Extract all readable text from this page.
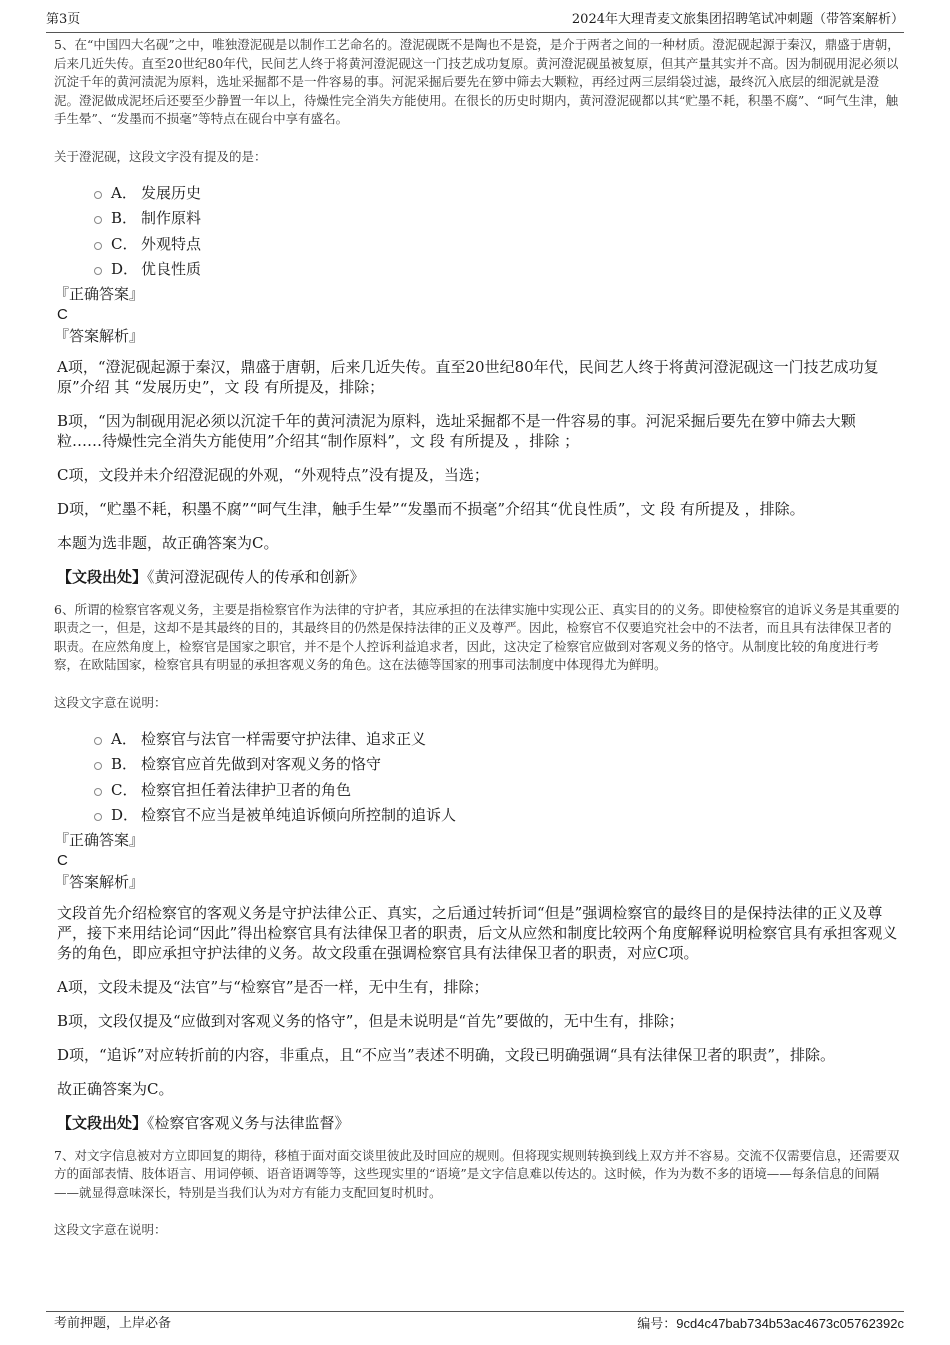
第3页	2024年大理青麦文旅集团招聘笔试冲刺题（带答案解析）

5、在“中国四大名砚”之中，唯独澄泥砚是以制作工艺命名的。澄泥砚既不是陶也不是瓷，是介于两者之间的一种材质。澄泥砚起源于秦汉，鼎盛于唐朝，后来几近失传。直至20世纪80年代，民间艺人终于将黄河澄泥砚这一门技艺成功复原。黄河澄泥砚虽被复原，但其产量其实并不高。因为制砚用泥必须以沉淀千年的黄河渍泥为原料，选址采掘都不是一件容易的事。河泥采掘后要先在箩中筛去大颗粒，再经过两三层绢袋过滤，最终沉入底层的细泥就是澄泥。澄泥做成泥坯后还要至少静置一年以上，待燥性完全消失方能使用。在很长的历史时期内，黄河澄泥砚都以其“贮墨不耗，积墨不腐”、“呵气生津，触手生晕”、“发墨而不损毫”等特点在砚台中享有盛名。

关于澄泥砚，这段文字没有提及的是：

A． 发展历史
B． 制作原料
C． 外观特点
D． 优良性质

『正确答案』

C

『答案解析』

A项，“澄泥砚起源于秦汉，鼎盛于唐朝，后来几近失传。直至20世纪80年代，民间艺人终于将黄河澄泥砚这一门技艺成功复原”介绍 其 “发展历史”，文 段 有所提及，排除；

B项，“因为制砚用泥必须以沉淀千年的黄河渍泥为原料，选址采掘都不是一件容易的事。河泥采掘后要先在箩中筛去大颗粒……待燥性完全消失方能使用”介绍其“制作原料”，文 段 有所提及 ，排除 ；

C项，文段并未介绍澄泥砚的外观，“外观特点”没有提及，当选；

D项，“贮墨不耗，积墨不腐”“呵气生津，触手生晕”“发墨而不损毫”介绍其“优良性质”，文 段 有所提及 ，排除。

本题为选非题，故正确答案为C。

【文段出处】《黄河澄泥砚传人的传承和创新》

6、所谓的检察官客观义务，主要是指检察官作为法律的守护者，其应承担的在法律实施中实现公正、真实目的的义务。即使检察官的追诉义务是其重要的职责之一，但是，这却不是其最终的目的，其最终目的仍然是保持法律的正义及尊严。因此，检察官不仅要追究社会中的不法者，而且具有法律保卫者的职责。在应然角度上，检察官是国家之职官，并不是个人控诉利益追求者，因此，这决定了检察官应做到对客观义务的恪守。从制度比较的角度进行考察，在欧陆国家，检察官具有明显的承担客观义务的角色。这在法德等国家的刑事司法制度中体现得尤为鲜明。

这段文字意在说明：

A． 检察官与法官一样需要守护法律、追求正义
B． 检察官应首先做到对客观义务的恪守
C． 检察官担任着法律护卫者的角色
D． 检察官不应当是被单纯追诉倾向所控制的追诉人

『正确答案』

C

『答案解析』

文段首先介绍检察官的客观义务是守护法律公正、真实，之后通过转折词“但是”强调检察官的最终目的是保持法律的正义及尊严，接下来用结论词“因此”得出检察官具有法律保卫者的职责，后文从应然和制度比较两个角度解释说明检察官具有承担客观义务的角色，即应承担守护法律的义务。故文段重在强调检察官具有法律保卫者的职责，对应C项。

A项，文段未提及“法官”与“检察官”是否一样，无中生有，排除；

B项，文段仅提及“应做到对客观义务的恪守”，但是未说明是“首先”要做的，无中生有，排除；

D项，“追诉”对应转折前的内容，非重点，且“不应当”表述不明确，文段已明确强调“具有法律保卫者的职责”，排除。

故正确答案为C。

【文段出处】《检察官客观义务与法律监督》

7、对文字信息被对方立即回复的期待，移植于面对面交谈里彼此及时回应的规则。但将现实规则转换到线上双方并不容易。交流不仅需要信息，还需要双方的面部表情、肢体语言、用词停顿、语音语调等等，这些现实里的“语境”是文字信息难以传达的。这时候，作为为数不多的语境——每条信息的间隔——就显得意味深长，特别是当我们认为对方有能力支配回复时机时。

这段文字意在说明：

考前押题，上岸必备	编号：9cd4c47bab734b53ac4673c05762392c
